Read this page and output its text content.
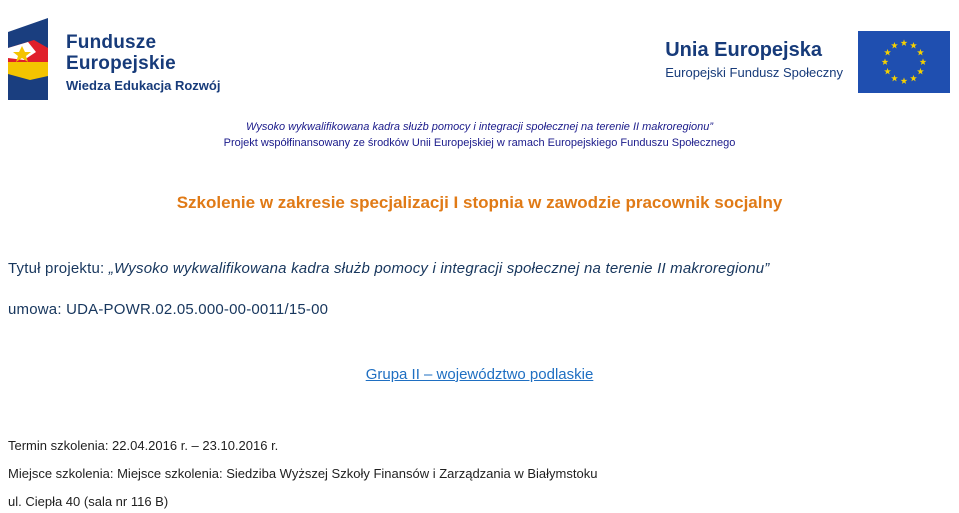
Fundusze
Europejskie
Wiedza Edukacja Rozwój
Unia Europejska
Europejski Fundusz Społeczny
Wysoko wykwalifikowana kadra służb pomocy i integracji społecznej na terenie II makroregionu”
Projekt współfinansowany ze środków Unii Europejskiej w ramach Europejskiego Funduszu Społecznego
Szkolenie w zakresie specjalizacji I stopnia w zawodzie pracownik socjalny
Tytuł projektu: „Wysoko wykwalifikowana kadra służb pomocy i integracji społecznej na terenie II makroregionu”
umowa: UDA-POWR.02.05.000-00-0011/15-00
Grupa II – województwo podlaskie
Termin szkolenia: 22.04.2016 r. – 23.10.2016 r.
Miejsce szkolenia: Miejsce szkolenia: Siedziba Wyższej Szkoły Finansów i Zarządzania w Białymstoku
ul. Ciepła 40 (sala nr 116 B)
